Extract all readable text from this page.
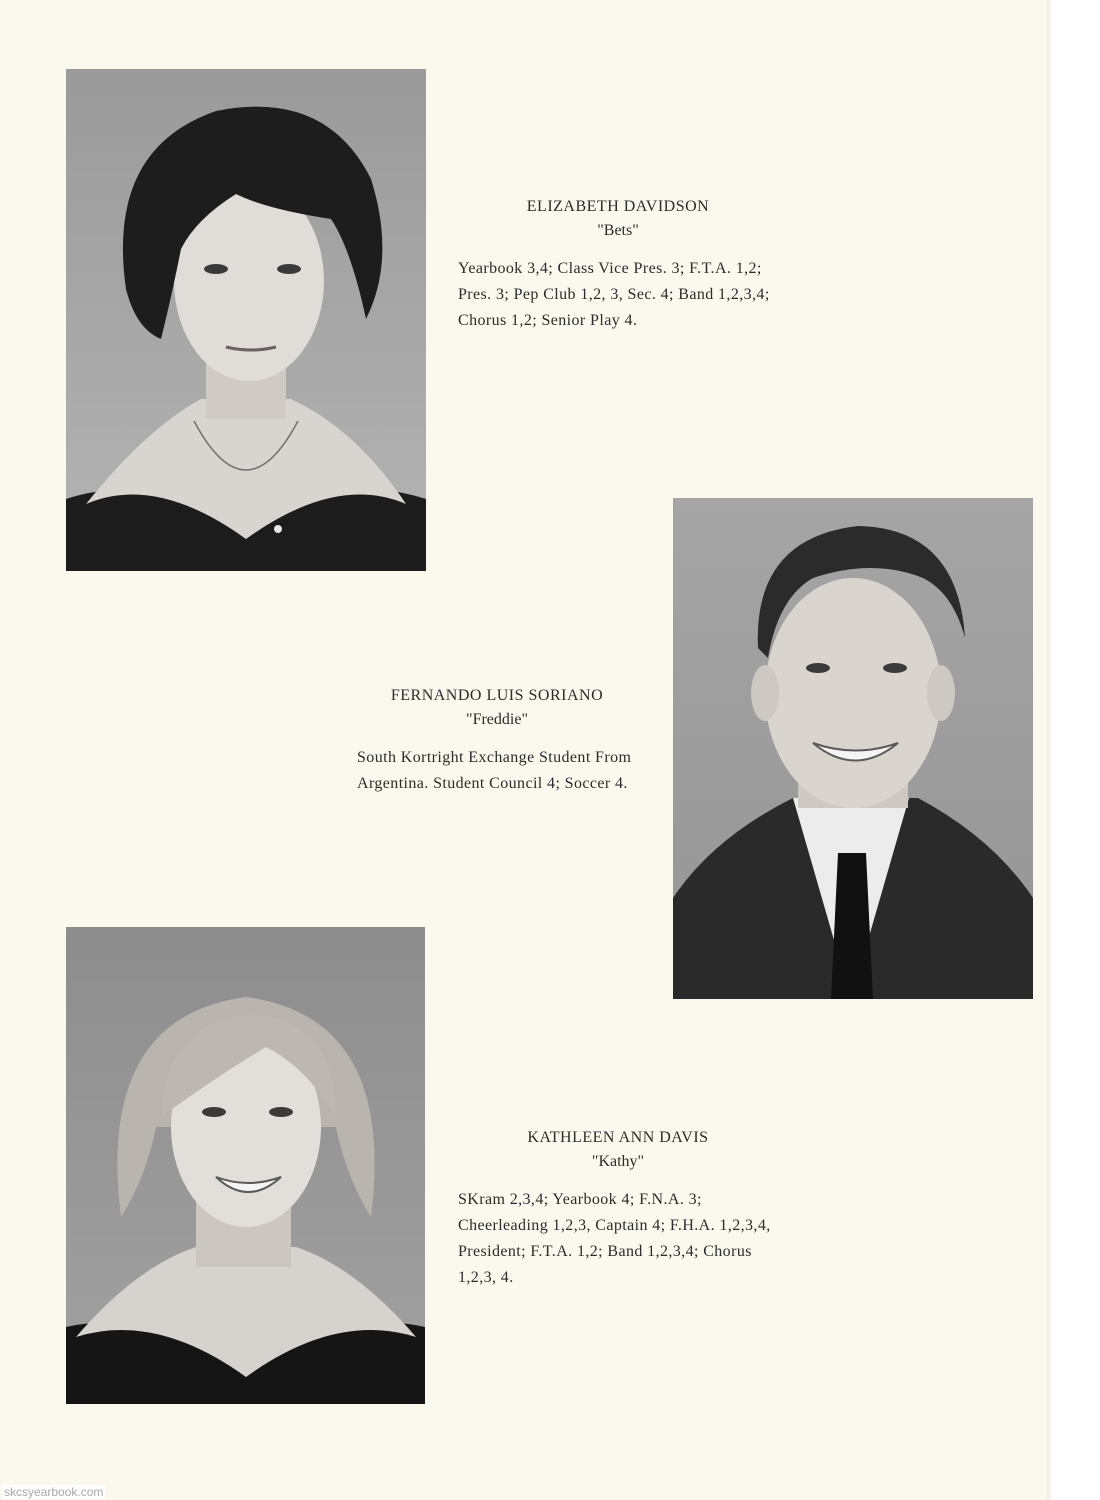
ELIZABETH DAVIDSON
"Bets"
Yearbook 3,4; Class Vice Pres. 3; F.T.A. 1,2; Pres. 3; Pep Club 1,2, 3, Sec. 4; Band 1,2,3,4; Chorus 1,2; Senior Play 4.
FERNANDO LUIS SORIANO
"Freddie"
South Kortright Exchange Student From Argentina. Student Council 4; Soccer 4.
KATHLEEN ANN DAVIS
"Kathy"
SKram 2,3,4; Yearbook 4; F.N.A. 3; Cheerleading 1,2,3, Captain 4; F.H.A. 1,2,3,4, President; F.T.A. 1,2; Band 1,2,3,4; Chorus 1,2,3, 4.
skcsyearbook.com
